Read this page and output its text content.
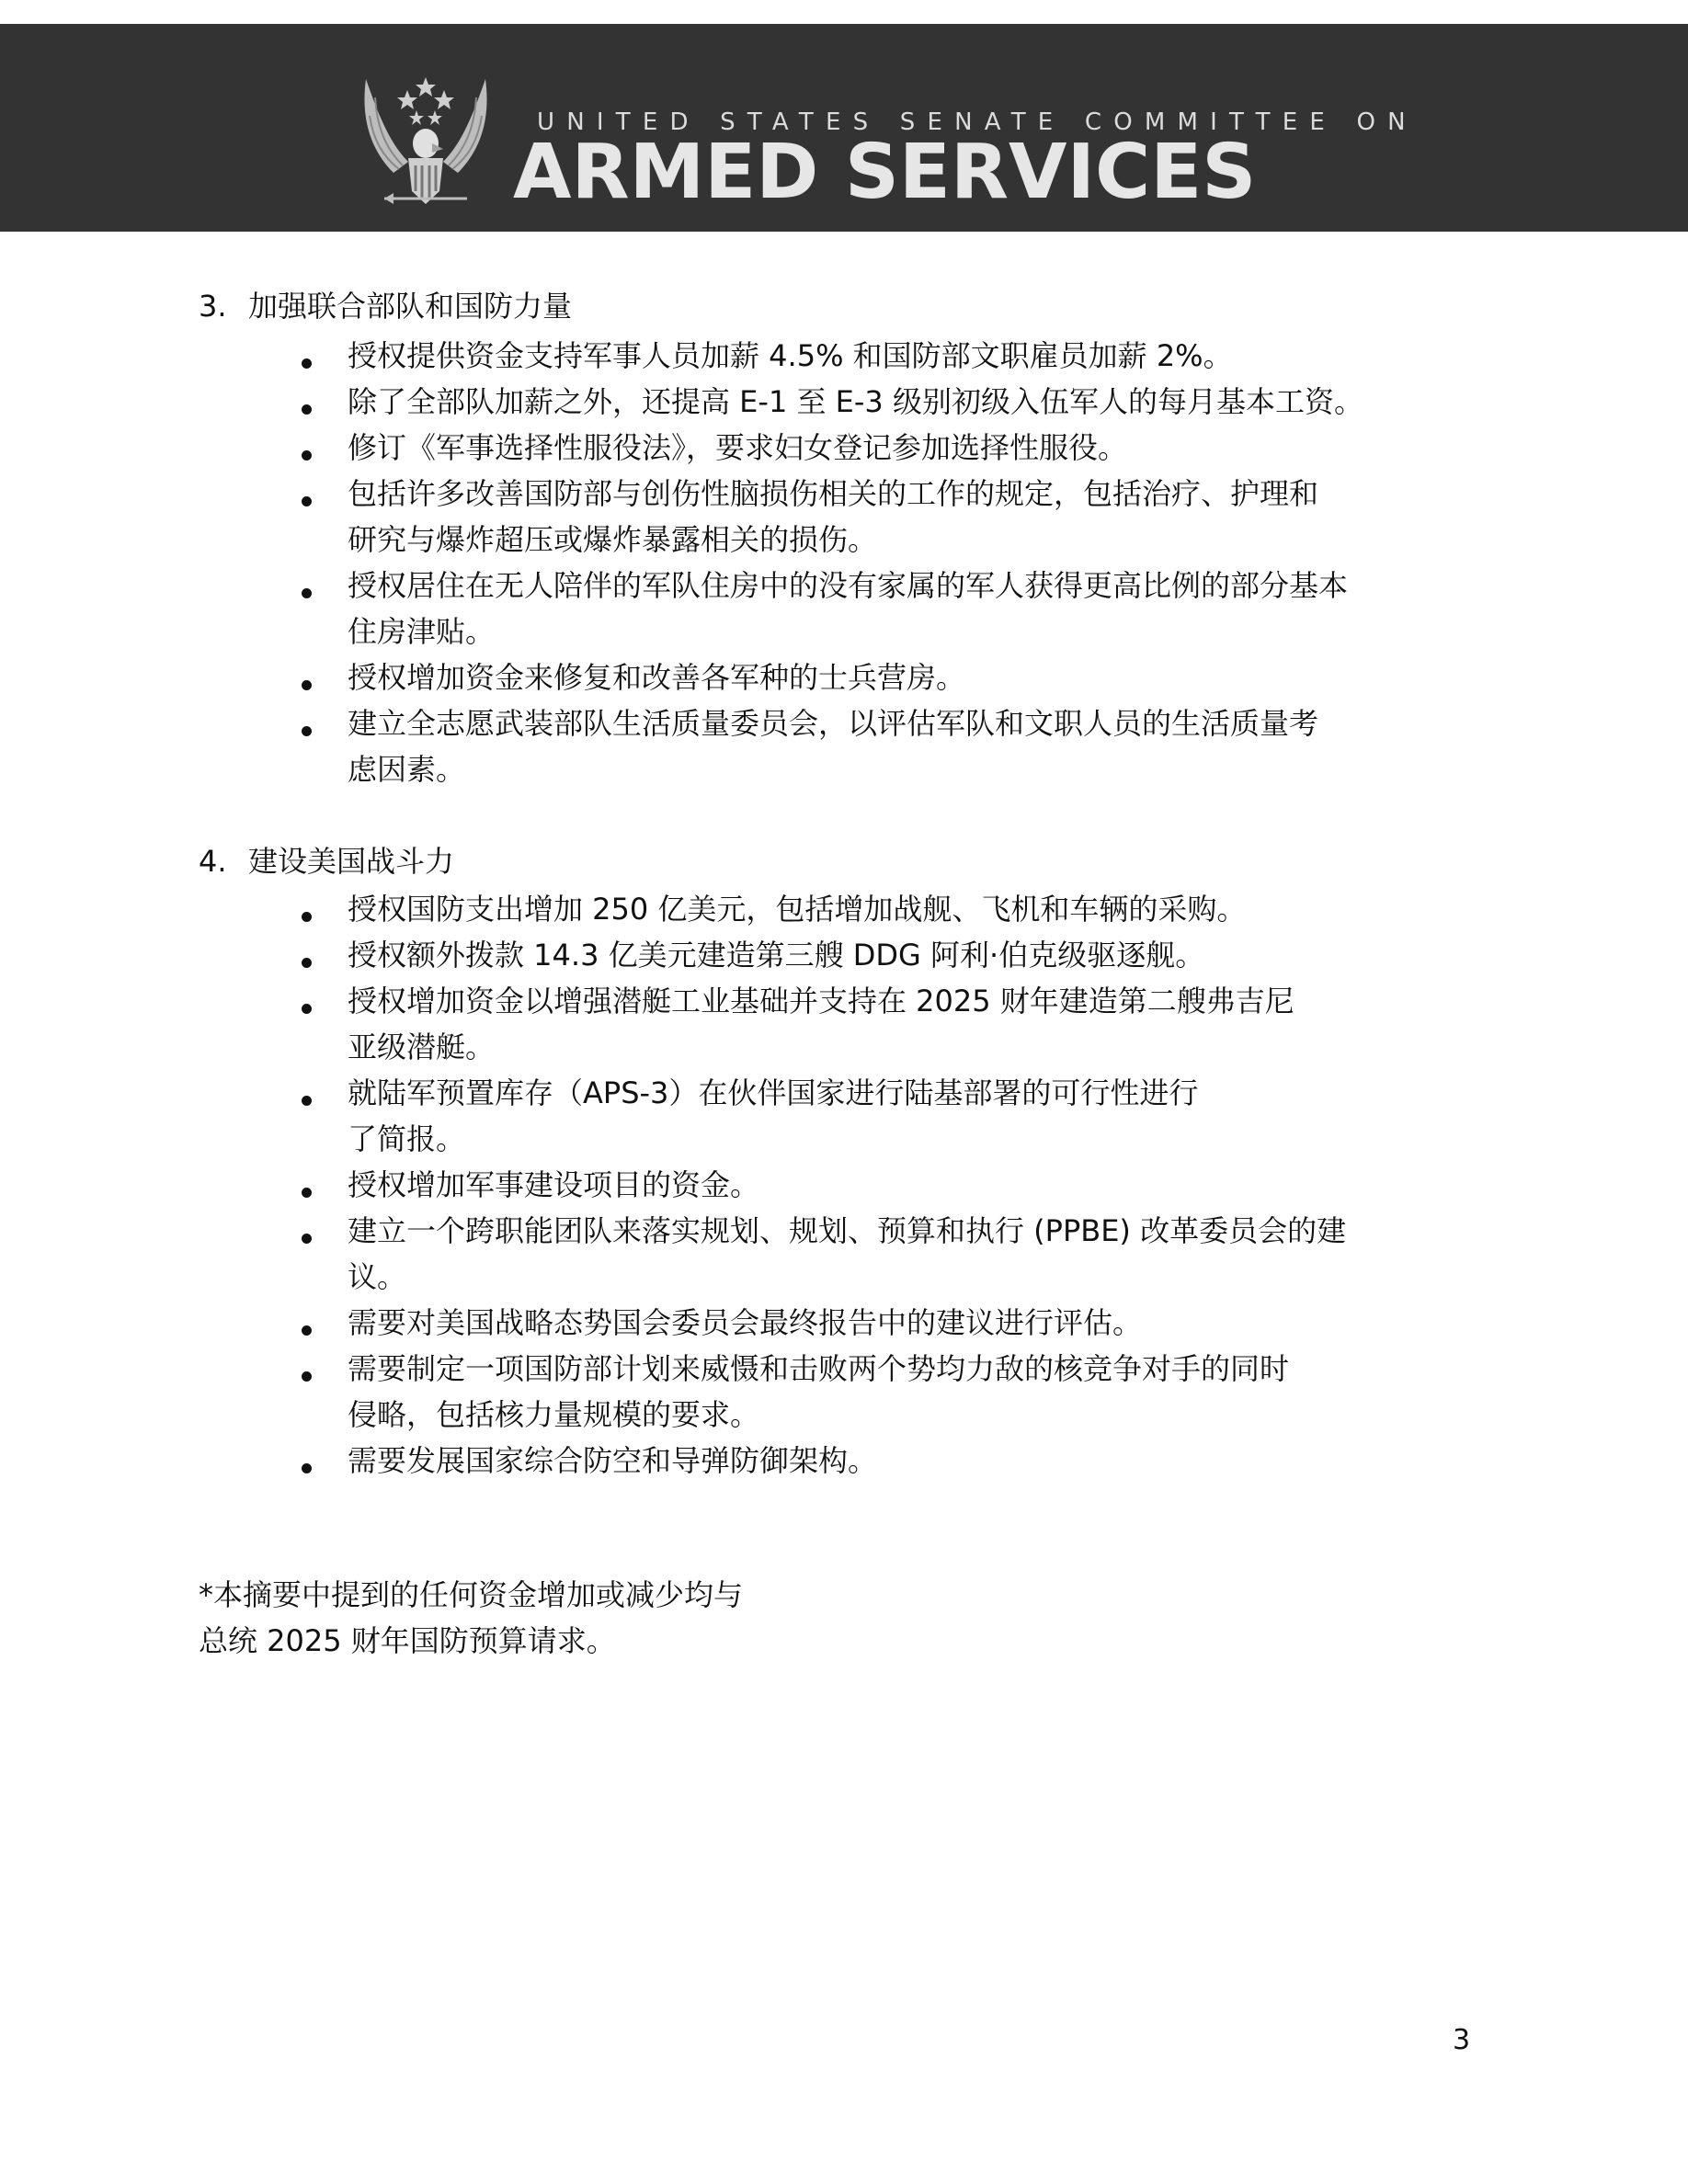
UNITED STATES SENATE COMMITTEE ON
ARMED SERVICES
3. 加强联合部队和国防力量
授权提供资金支持军事人员加薪 4.5% 和国防部文职雇员加薪 2%。
除了全部队加薪之外，还提高 E-1 至 E-3 级别初级入伍军人的每月基本工资。
修订《军事选择性服役法》，要求妇女登记参加选择性服役。
包括许多改善国防部与创伤性脑损伤相关的工作的规定，包括治疗、护理和
研究与爆炸超压或爆炸暴露相关的损伤。
授权居住在无人陪伴的军队住房中的没有家属的军人获得更高比例的部分基本
住房津贴。
授权增加资金来修复和改善各军种的士兵营房。
建立全志愿武装部队生活质量委员会，以评估军队和文职人员的生活质量考
虑因素。
4. 建设美国战斗力
授权国防支出增加 250 亿美元，包括增加战舰、飞机和车辆的采购。
授权额外拨款 14.3 亿美元建造第三艘 DDG 阿利·伯克级驱逐舰。
授权增加资金以增强潜艇工业基础并支持在 2025 财年建造第二艘弗吉尼
亚级潜艇。
就陆军预置库存（APS-3）在伙伴国家进行陆基部署的可行性进行
了简报。
授权增加军事建设项目的资金。
建立一个跨职能团队来落实规划、规划、预算和执行 (PPBE) 改革委员会的建
议。
需要对美国战略态势国会委员会最终报告中的建议进行评估。
需要制定一项国防部计划来威慑和击败两个势均力敌的核竞争对手的同时
侵略，包括核力量规模的要求。
需要发展国家综合防空和导弹防御架构。
*本摘要中提到的任何资金增加或减少均与
总统 2025 财年国防预算请求。
3
